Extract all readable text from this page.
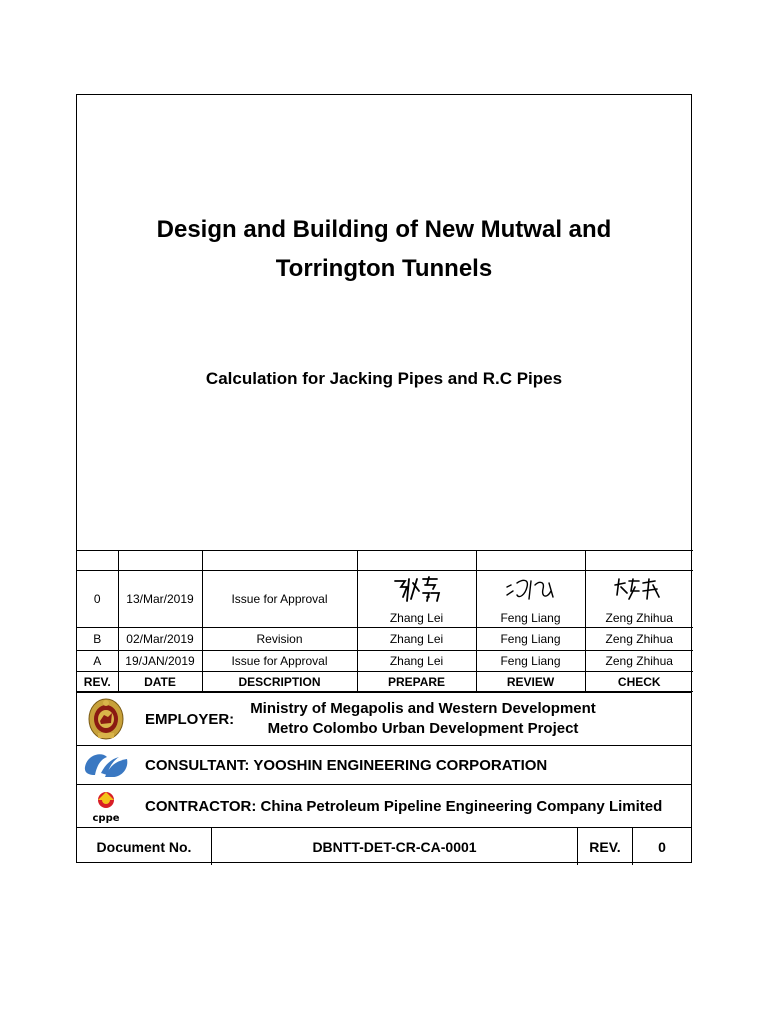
Design and Building of New Mutwal and
Torrington Tunnels
Calculation for Jacking Pipes and R.C Pipes

0	13/Mar/2019	Issue for Approval	Zhang Lei	Feng Liang	Zeng Zhihua

B	02/Mar/2019	Revision	Zhang Lei	Feng Liang	Zeng Zhihua
A	19/JAN/2019	Issue for Approval	Zhang Lei	Feng Liang	Zeng Zhihua
REV.	DATE	DESCRIPTION	PREPARE	REVIEW	CHECK
EMPLOYER:
Ministry of Megapolis and Western Development
Metro Colombo Urban Development Project
CONSULTANT: YOOSHIN ENGINEERING CORPORATION
cppe
CONTRACTOR: China Petroleum Pipeline Engineering Company Limited
Document No.	DBNTT-DET-CR-CA-0001	REV.	0
